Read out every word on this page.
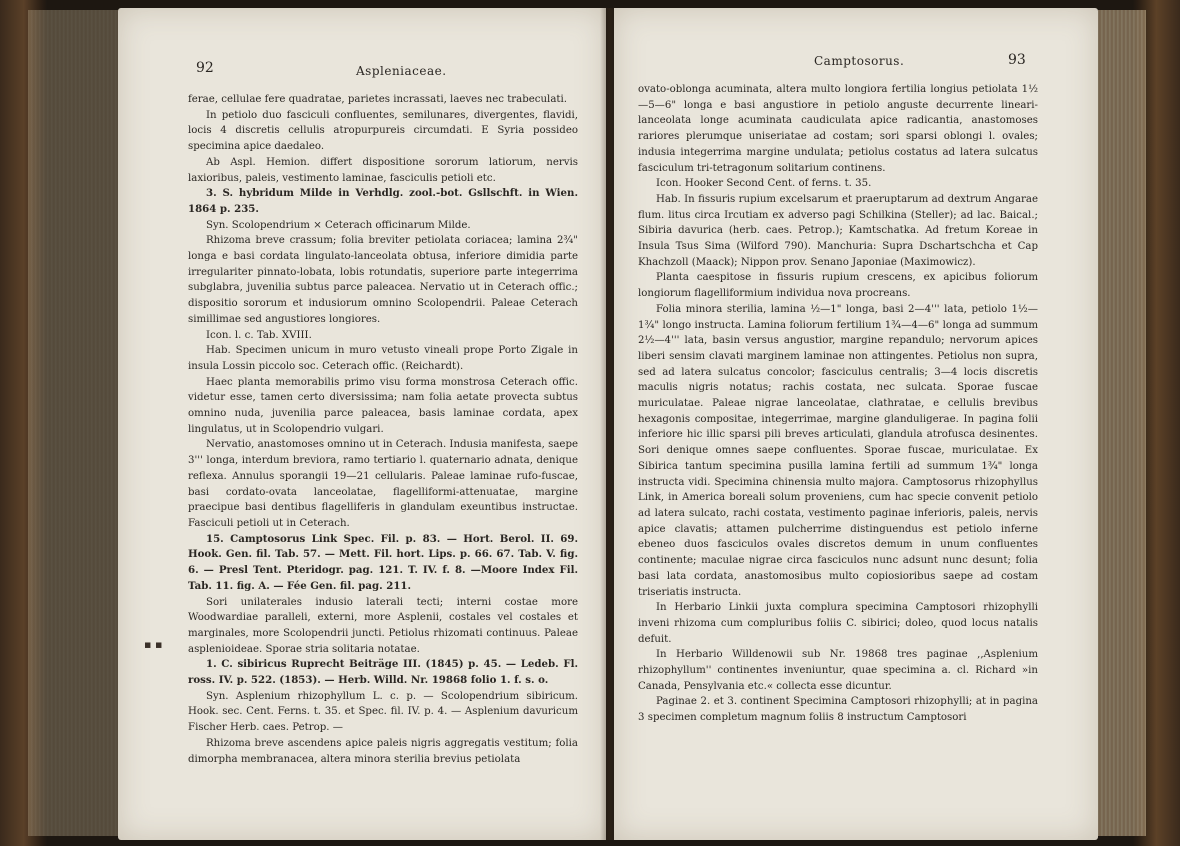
92	Aspleniaceae.

ferae, cellulae fere quadratae, parietes incrassati, laeves nec trabeculati.

In petiolo duo fasciculi confluentes, semilunares, divergentes, flavidi, locis 4 discretis cellulis atropurpureis circumdati. E Syria possideo specimina apice daedaleo.

Ab Aspl. Hemion. differt dispositione sororum latiorum, nervis laxioribus, paleis, vestimento laminae, fasciculis petioli etc.

3. S. hybridum Milde in Verhdlg. zool.-bot. Gsllschft. in Wien. 1864 p. 235.

Syn. Scolopendrium × Ceterach officinarum Milde.

Rhizoma breve crassum; folia breviter petiolata coriacea; lamina 2¾" longa e basi cordata lingulato-lanceolata obtusa, inferiore dimidia parte irregulariter pinnato-lobata, lobis rotundatis, superiore parte integerrima subglabra, juvenilia subtus parce paleacea. Nervatio ut in Ceterach offic.; dispositio sororum et indusiorum omnino Scolopendrii. Paleae Ceterach simillimae sed angustiores longiores.

Icon. l. c. Tab. XVIII.

Hab. Specimen unicum in muro vetusto vineali prope Porto Zigale in insula Lossin piccolo soc. Ceterach offic. (Reichardt).

Haec planta memorabilis primo visu forma monstrosa Ceterach offic. videtur esse, tamen certo diversissima; nam folia aetate provecta subtus omnino nuda, juvenilia parce paleacea, basis laminae cordata, apex lingulatus, ut in Scolopendrio vulgari.

Nervatio, anastomoses omnino ut in Ceterach. Indusia manifesta, saepe 3''' longa, interdum breviora, ramo tertiario l. quaternario adnata, denique reflexa. Annulus sporangii 19—21 cellularis. Paleae laminae rufo-fuscae, basi cordato-ovata lanceolatae, flagelliformi-attenuatae, margine praecipue basi dentibus flagelliferis in glandulam exeuntibus instructae. Fasciculi petioli ut in Ceterach.

15. Camptosorus Link Spec. Fil. p. 83. — Hort. Berol. II. 69. Hook. Gen. fil. Tab. 57. — Mett. Fil. hort. Lips. p. 66. 67. Tab. V. fig. 6. — Presl Tent. Pteridogr. pag. 121. T. IV. f. 8. —Moore Index Fil. Tab. 11. fig. A. — Fée Gen. fil. pag. 211.

Sori unilaterales indusio laterali tecti; interni costae more Woodwardiae paralleli, externi, more Asplenii, costales vel costales et marginales, more Scolopendrii juncti. Petiolus rhizomati continuus. Paleae asplenioideae. Sporae stria solitaria notatae.

1. C. sibiricus Ruprecht Beiträge III. (1845) p. 45. — Ledeb. Fl. ross. IV. p. 522. (1853). — Herb. Willd. Nr. 19868 folio 1. f. s. o.

Syn. Asplenium rhizophyllum L. c. p. — Scolopendrium sibiricum. Hook. sec. Cent. Ferns. t. 35. et Spec. fil. IV. p. 4. — Asplenium davuricum Fischer Herb. caes. Petrop. —

Rhizoma breve ascendens apice paleis nigris aggregatis vestitum; folia dimorpha membranacea, altera minora sterilia brevius petiolata

▪ ▪
Camptosorus.	93

ovato-oblonga acuminata, altera multo longiora fertilia longius petiolata 1½—5—6" longa e basi angustiore in petiolo anguste decurrente lineari-lanceolata longe acuminata caudiculata apice radicantia, anastomoses rariores plerumque uniseriatae ad costam; sori sparsi oblongi l. ovales; indusia integerrima margine undulata; petiolus costatus ad latera sulcatus fasciculum tri-tetragonum solitarium continens.

Icon. Hooker Second Cent. of ferns. t. 35.

Hab. In fissuris rupium excelsarum et praeruptarum ad dextrum Angarae flum. litus circa Ircutiam ex adverso pagi Schilkina (Steller); ad lac. Baical.; Sibiria davurica (herb. caes. Petrop.); Kamtschatka. Ad fretum Koreae in Insula Tsus Sima (Wilford 790). Manchuria: Supra Dschartschcha et Cap Khachzoll (Maack); Nippon prov. Senano Japoniae (Maximowicz).

Planta caespitose in fissuris rupium crescens, ex apicibus foliorum longiorum flagelliformium individua nova procreans.

Folia minora sterilia, lamina ½—1" longa, basi 2—4''' lata, petiolo 1½—1¾" longo instructa. Lamina foliorum fertilium 1¾—4—6" longa ad summum 2½—4''' lata, basin versus angustior, margine repandulo; nervorum apices liberi sensim clavati marginem laminae non attingentes. Petiolus non supra, sed ad latera sulcatus concolor; fasciculus centralis; 3—4 locis discretis maculis nigris notatus; rachis costata, nec sulcata. Sporae fuscae muriculatae. Paleae nigrae lanceolatae, clathratae, e cellulis brevibus hexagonis compositae, integerrimae, margine glanduligerae. In pagina folii inferiore hic illic sparsi pili breves articulati, glandula atrofusca desinentes. Sori denique omnes saepe confluentes. Sporae fuscae, muriculatae. Ex Sibirica tantum specimina pusilla lamina fertili ad summum 1¾" longa instructa vidi. Specimina chinensia multo majora. Camptosorus rhizophyllus Link, in America boreali solum proveniens, cum hac specie convenit petiolo ad latera sulcato, rachi costata, vestimento paginae inferioris, paleis, nervis apice clavatis; attamen pulcherrime distinguendus est petiolo inferne ebeneo duos fasciculos ovales discretos demum in unum confluentes continente; maculae nigrae circa fasciculos nunc adsunt nunc desunt; folia basi lata cordata, anastomosibus multo copiosioribus saepe ad costam triseriatis instructa.

In Herbario Linkii juxta complura specimina Camptosori rhizophylli inveni rhizoma cum compluribus foliis C. sibirici; doleo, quod locus natalis defuit.

In Herbario Willdenowii sub Nr. 19868 tres paginae ,,Asplenium rhizophyllum'' continentes inveniuntur, quae specimina a. cl. Richard »in Canada, Pensylvania etc.« collecta esse dicuntur.

Paginae 2. et 3. continent Specimina Camptosori rhizophylli; at in pagina 3 specimen completum magnum foliis 8 instructum Camptosori
